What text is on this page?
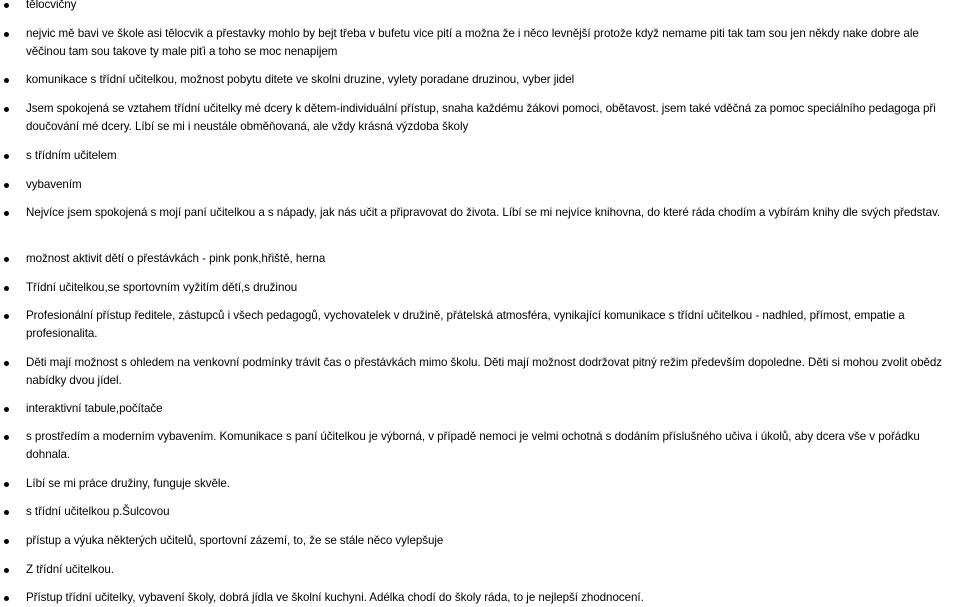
tělocvičny
nejvic mě bavi ve škole asi tělocvik a přestavky mohlo by bejt třeba v bufetu vice pití a možna že i něco levnější protože když nemame piti tak tam sou jen někdy nake dobre ale věčinou tam sou takove ty male piťi a toho se moc nenapijem
komunikace s třídní učitelkou, možnost pobytu ditete ve skolni druzine, vylety poradane druzinou, vyber jidel
Jsem spokojená se vztahem třídní učitelky mé dcery k dětem-individuální přístup, snaha každému žákovi pomoci, obětavost. jsem také vděčná za pomoc speciálního pedagoga při doučování mé dcery. Líbí se mi i neustále obměňovaná, ale vždy krásná výzdoba školy
s třídním učitelem
vybavením
Nejvíce jsem spokojená s mojí paní učitelkou a s nápady, jak nás učit a připravovat do života. Líbí se mi nejvíce knihovna, do které ráda chodím a vybírám knihy dle svých představ.
možnost aktivit dětí o přestávkách - pink ponk,hřiště, herna
Třídní učitelkou,se sportovním vyžitím dětí,s družinou
Profesionální přístup ředitele, zástupců i všech pedagogů, vychovatelek v družině, přátelská atmosféra, vynikající komunikace s třídní učitelkou - nadhled, přímost, empatie a profesionalita.
Děti mají možnost s ohledem na venkovní podmínky trávit čas o přestávkách mimo školu. Děti mají možnost dodržovat pitný režim především dopoledne. Děti si mohou zvolit obědz nabídky dvou jídel.
interaktivní tabule,počítače
s prostředím a moderním vybavením. Komunikace s paní účitelkou je výborná, v případě nemoci je velmi ochotná s dodáním příslušného učiva i úkolů, aby dcera vše v pořádku dohnala.
Líbí se mi práce družiny, funguje skvěle.
s třídní učitelkou p.Šulcovou
přístup a výuka některých učitelů, sportovní zázemí, to, že se stále něco vylepšuje
Z třídní učitelkou.
Přístup třídní učitelky, vybavení školy, dobrá jídla ve školní kuchyni. Adélka chodí do školy ráda, to je nejlepší zhodnocení.
